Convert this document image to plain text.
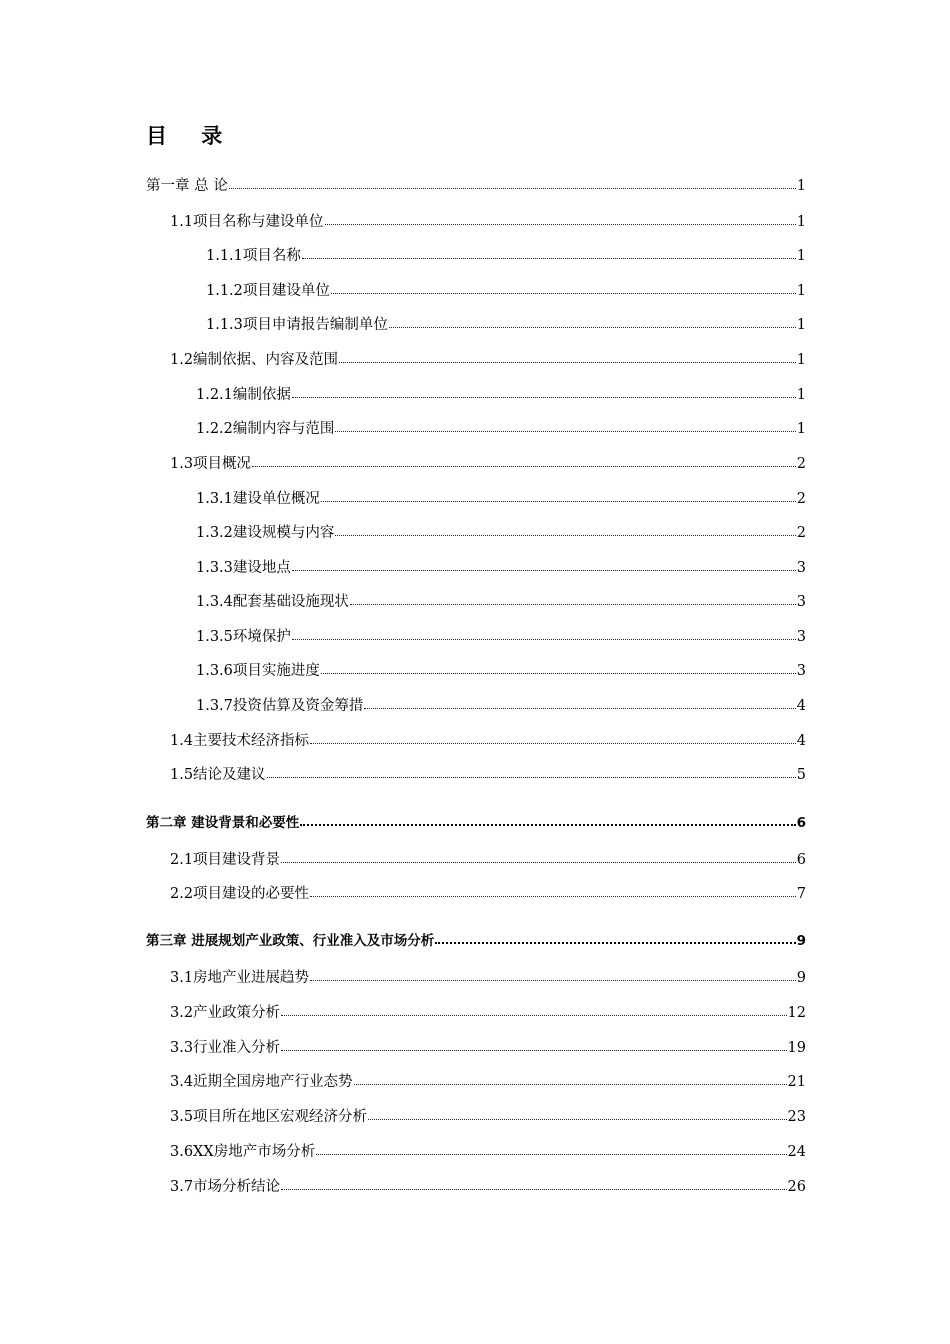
目    录
第一章 总 论	1
1.1项目名称与建设单位	1
1.1.1项目名称	1
1.1.2项目建设单位	1
1.1.3项目申请报告编制单位	1
1.2编制依据、内容及范围	1
1.2.1编制依据	1
1.2.2编制内容与范围	1
1.3项目概况	2
1.3.1建设单位概况	2
1.3.2建设规模与内容	2
1.3.3建设地点	3
1.3.4配套基础设施现状	3
1.3.5环境保护	3
1.3.6项目实施进度	3
1.3.7投资估算及资金筹措	4
1.4主要技术经济指标	4
1.5结论及建议	5
第二章 建设背景和必要性	6
2.1项目建设背景	6
2.2项目建设的必要性	7
第三章 进展规划产业政策、行业准入及市场分析	9
3.1房地产业进展趋势	9
3.2产业政策分析	12
3.3行业准入分析	19
3.4近期全国房地产行业态势	21
3.5项目所在地区宏观经济分析	23
3.6XX房地产市场分析	24
3.7市场分析结论	26
